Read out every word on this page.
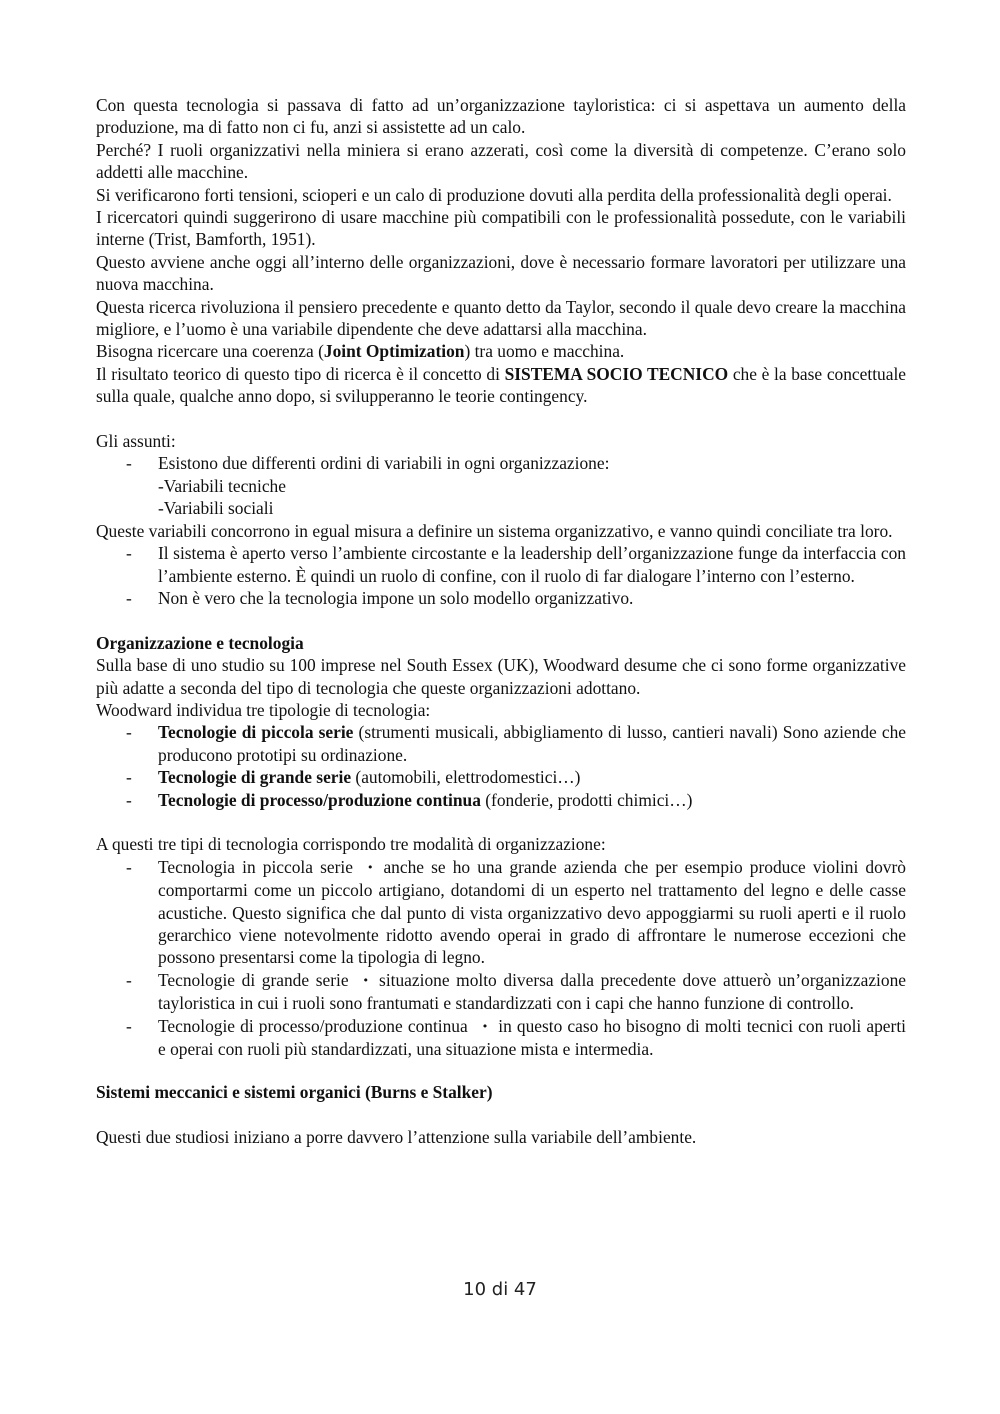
Con questa tecnologia si passava di fatto ad un’organizzazione tayloristica: ci si aspettava un aumento della produzione, ma di fatto non ci fu, anzi si assistette ad un calo.

Perché? I ruoli organizzativi nella miniera si erano azzerati, così come la diversità di competenze. C’erano solo addetti alle macchine.

Si verificarono forti tensioni, scioperi e un calo di produzione dovuti alla perdita della professionalità degli operai.

I ricercatori quindi suggerirono di usare macchine più compatibili con le professionalità possedute, con le variabili interne (Trist, Bamforth, 1951).

Questo avviene anche oggi all’interno delle organizzazioni, dove è necessario formare lavoratori per utilizzare una nuova macchina.

Questa ricerca rivoluziona il pensiero precedente e quanto detto da Taylor, secondo il quale devo creare la macchina migliore, e l’uomo è una variabile dipendente che deve adattarsi alla macchina.

Bisogna ricercare una coerenza (Joint Optimization) tra uomo e macchina.

Il risultato teorico di questo tipo di ricerca è il concetto di SISTEMA SOCIO TECNICO che è la base concettuale sulla quale, qualche anno dopo, si svilupperanno le teorie contingency.

Gli assunti:

- Esistono due differenti ordini di variabili in ogni organizzazione:

-Variabili tecniche

-Variabili sociali

Queste variabili concorrono in egual misura a definire un sistema organizzativo, e vanno quindi conciliate tra loro.

- Il sistema è aperto verso l’ambiente circostante e la leadership dell’organizzazione funge da interfaccia con l’ambiente esterno. È quindi un ruolo di confine, con il ruolo di far dialogare l’interno con l’esterno.
- Non è vero che la tecnologia impone un solo modello organizzativo.

Organizzazione e tecnologia

Sulla base di uno studio su 100 imprese nel South Essex (UK), Woodward desume che ci sono forme organizzative più adatte a seconda del tipo di tecnologia che queste organizzazioni adottano.

Woodward individua tre tipologie di tecnologia:

- Tecnologie di piccola serie (strumenti musicali, abbigliamento di lusso, cantieri navali) Sono aziende che producono prototipi su ordinazione.
- Tecnologie di grande serie (automobili, elettrodomestici…)
- Tecnologie di processo/produzione continua (fonderie, prodotti chimici…)

A questi tre tipi di tecnologia corrispondo tre modalità di organizzazione:

- Tecnologia in piccola serie • anche se ho una grande azienda che per esempio produce violini dovrò comportarmi come un piccolo artigiano, dotandomi di un esperto nel trattamento del legno e delle casse acustiche. Questo significa che dal punto di vista organizzativo devo appoggiarmi su ruoli aperti e il ruolo gerarchico viene notevolmente ridotto avendo operai in grado di affrontare le numerose eccezioni che possono presentarsi come la tipologia di legno.
- Tecnologie di grande serie • situazione molto diversa dalla precedente dove attuerò un’organizzazione tayloristica in cui i ruoli sono frantumati e standardizzati con i capi che hanno funzione di controllo.
- Tecnologie di processo/produzione continua • in questo caso ho bisogno di molti tecnici con ruoli aperti e operai con ruoli più standardizzati, una situazione mista e intermedia.

Sistemi meccanici e sistemi organici (Burns e Stalker)

Questi due studiosi iniziano a porre davvero l’attenzione sulla variabile dell’ambiente.

10 di 47
